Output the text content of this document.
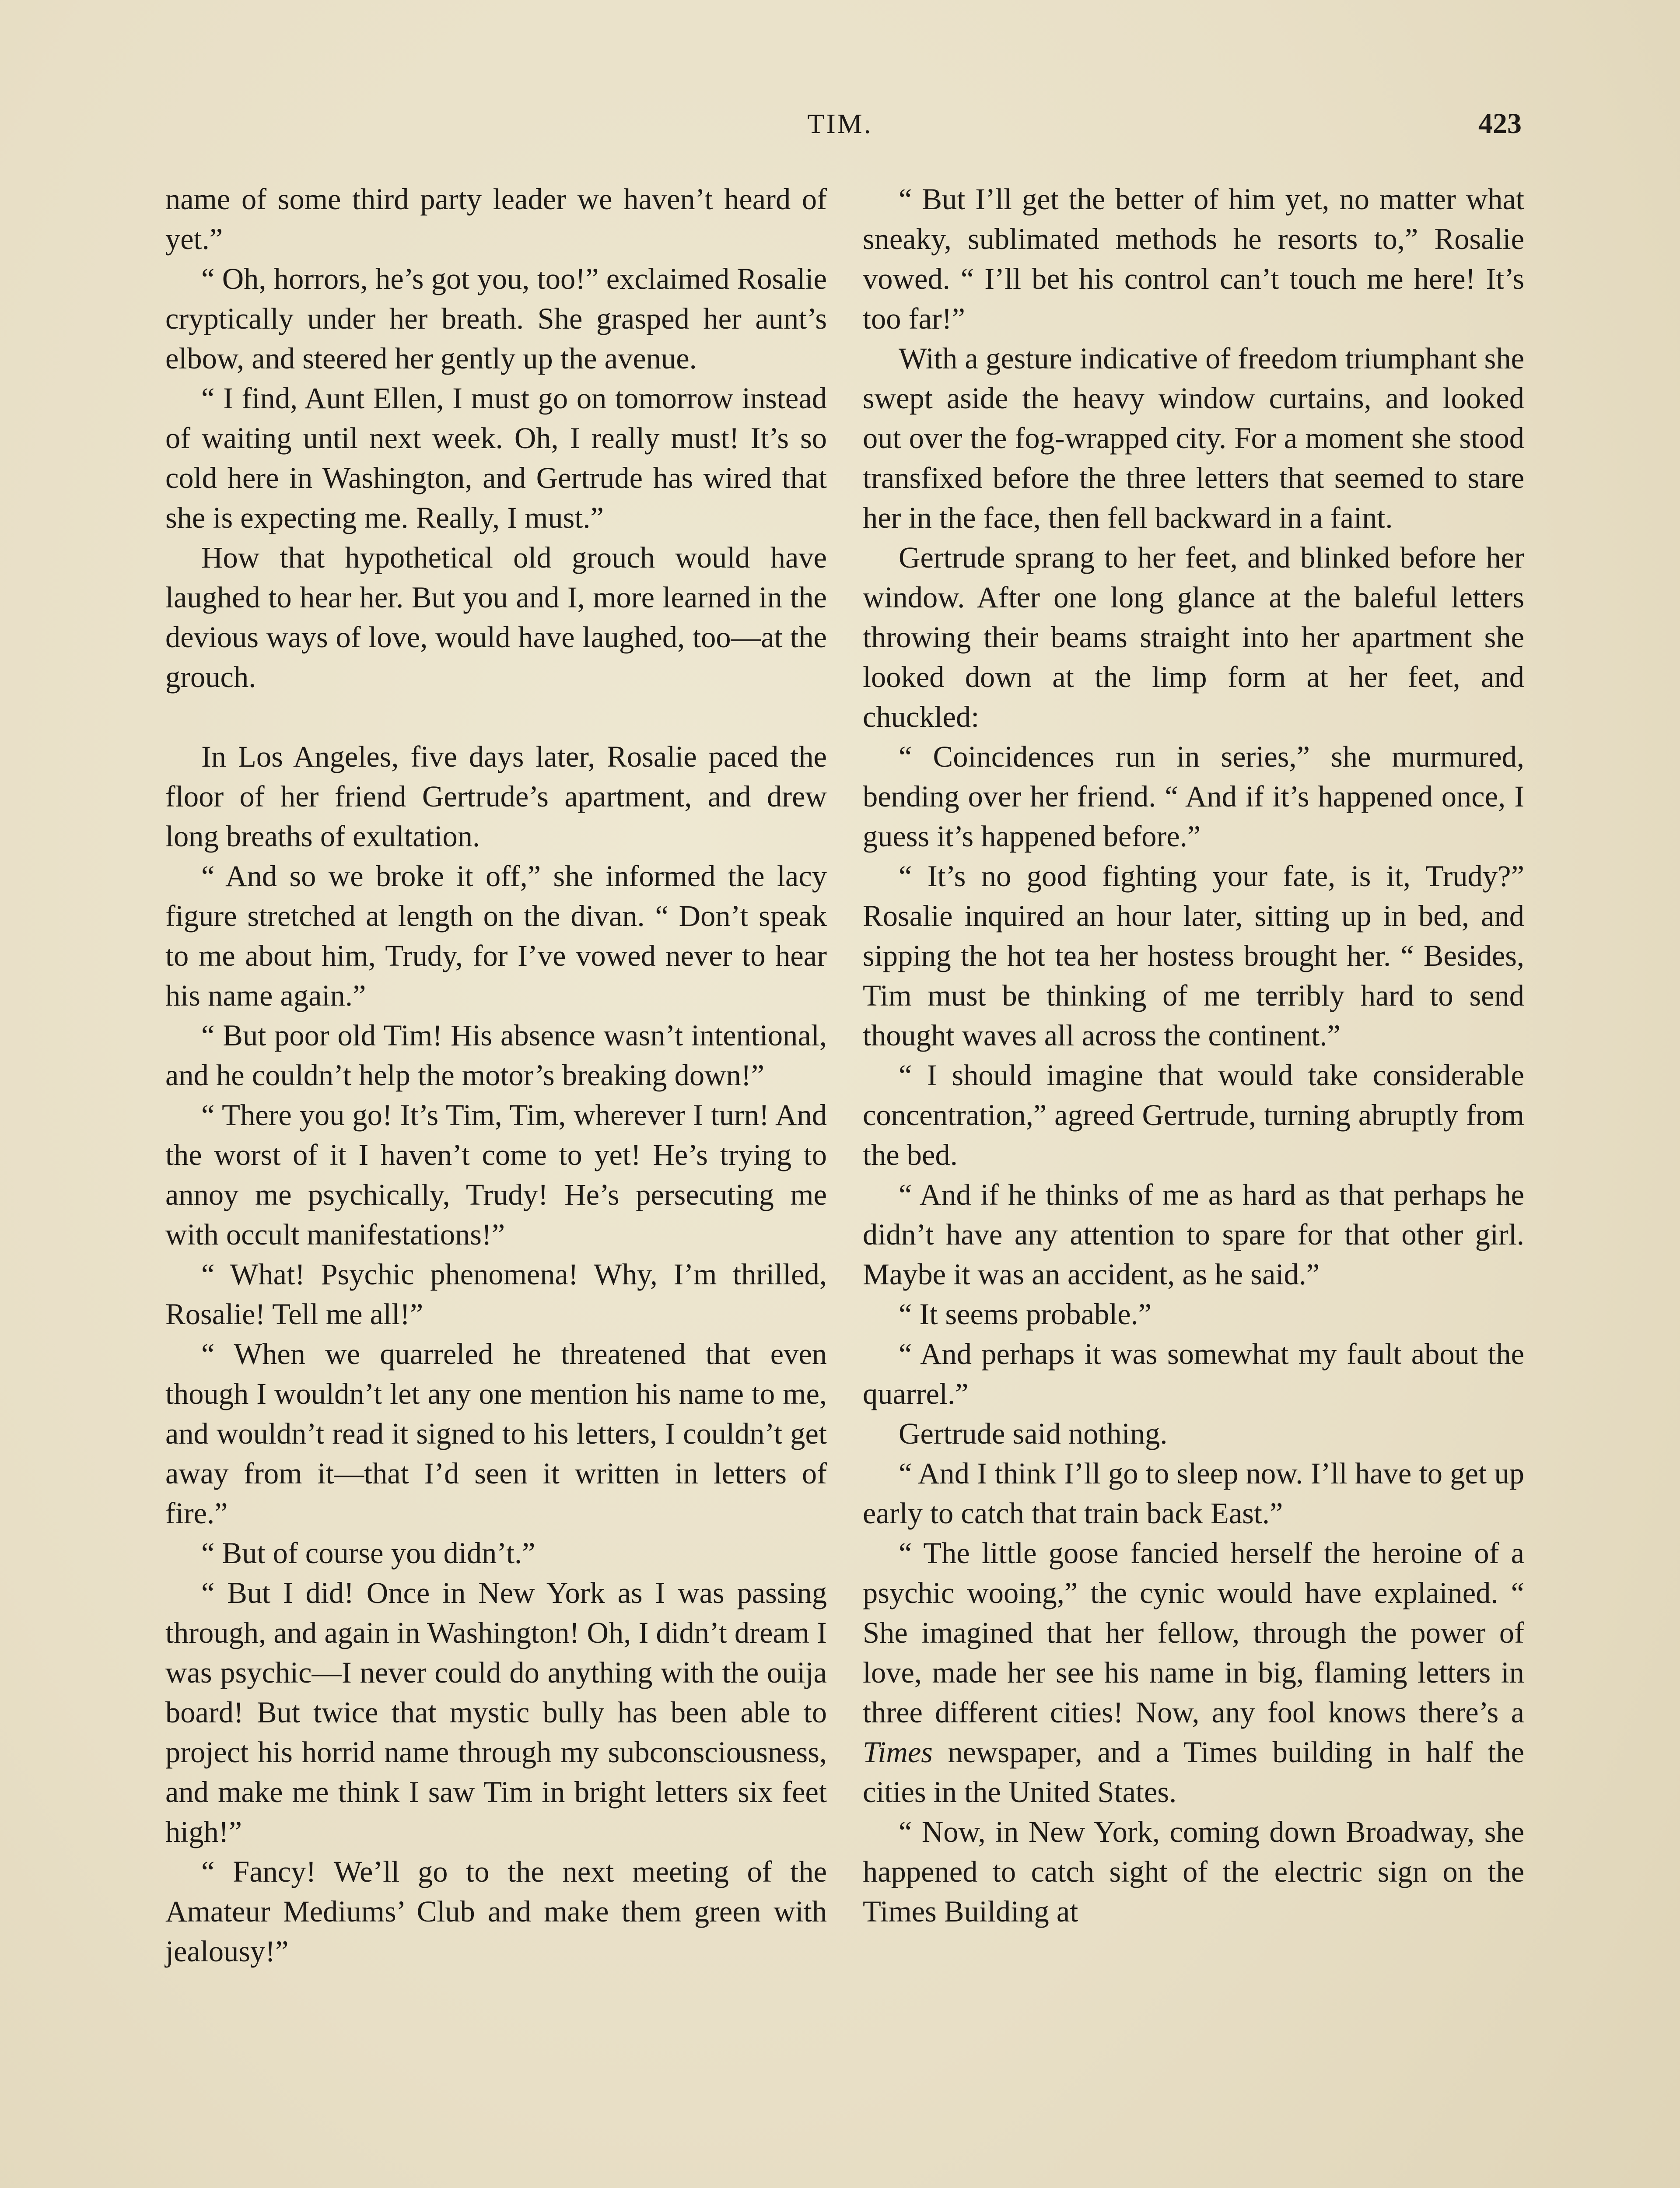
TIM.	423

name of some third party leader we haven’t heard of yet.”

“ Oh, horrors, he’s got you, too!” exclaimed Rosalie cryptically under her breath. She grasped her aunt’s elbow, and steered her gently up the avenue.

“ I find, Aunt Ellen, I must go on tomorrow instead of waiting until next week. Oh, I really must! It’s so cold here in Washington, and Gertrude has wired that she is expecting me. Really, I must.”

How that hypothetical old grouch would have laughed to hear her. But you and I, more learned in the devious ways of love, would have laughed, too—at the grouch.

In Los Angeles, five days later, Rosalie paced the floor of her friend Gertrude’s apartment, and drew long breaths of exultation.

“ And so we broke it off,” she informed the lacy figure stretched at length on the divan. “ Don’t speak to me about him, Trudy, for I’ve vowed never to hear his name again.”

“ But poor old Tim! His absence wasn’t intentional, and he couldn’t help the motor’s breaking down!”

“ There you go! It’s Tim, Tim, wherever I turn! And the worst of it I haven’t come to yet! He’s trying to annoy me psychically, Trudy! He’s persecuting me with occult manifestations!”

“ What! Psychic phenomena! Why, I’m thrilled, Rosalie! Tell me all!”

“ When we quarreled he threatened that even though I wouldn’t let any one mention his name to me, and wouldn’t read it signed to his letters, I couldn’t get away from it—that I’d seen it written in letters of fire.”

“ But of course you didn’t.”

“ But I did! Once in New York as I was passing through, and again in Washington! Oh, I didn’t dream I was psychic—I never could do anything with the ouija board! But twice that mystic bully has been able to project his horrid name through my subconsciousness, and make me think I saw Tim in bright letters six feet high!”

“ Fancy! We’ll go to the next meeting of the Amateur Mediums’ Club and make them green with jealousy!”

“ But I’ll get the better of him yet, no matter what sneaky, sublimated methods he resorts to,” Rosalie vowed. “ I’ll bet his control can’t touch me here! It’s too far!”

With a gesture indicative of freedom triumphant she swept aside the heavy window curtains, and looked out over the fog-wrapped city. For a moment she stood transfixed before the three letters that seemed to stare her in the face, then fell backward in a faint.

Gertrude sprang to her feet, and blinked before her window. After one long glance at the baleful letters throwing their beams straight into her apartment she looked down at the limp form at her feet, and chuckled:

“ Coincidences run in series,” she murmured, bending over her friend. “ And if it’s happened once, I guess it’s happened before.”

“ It’s no good fighting your fate, is it, Trudy?” Rosalie inquired an hour later, sitting up in bed, and sipping the hot tea her hostess brought her. “ Besides, Tim must be thinking of me terribly hard to send thought waves all across the continent.”

“ I should imagine that would take considerable concentration,” agreed Gertrude, turning abruptly from the bed.

“ And if he thinks of me as hard as that perhaps he didn’t have any attention to spare for that other girl. Maybe it was an accident, as he said.”

“ It seems probable.”

“ And perhaps it was somewhat my fault about the quarrel.”

Gertrude said nothing.

“ And I think I’ll go to sleep now. I’ll have to get up early to catch that train back East.”

“ The little goose fancied herself the heroine of a psychic wooing,” the cynic would have explained. “ She imagined that her fellow, through the power of love, made her see his name in big, flaming letters in three different cities! Now, any fool knows there’s a Times newspaper, and a Times building in half the cities in the United States.

“ Now, in New York, coming down Broadway, she happened to catch sight of the electric sign on the Times Building at
